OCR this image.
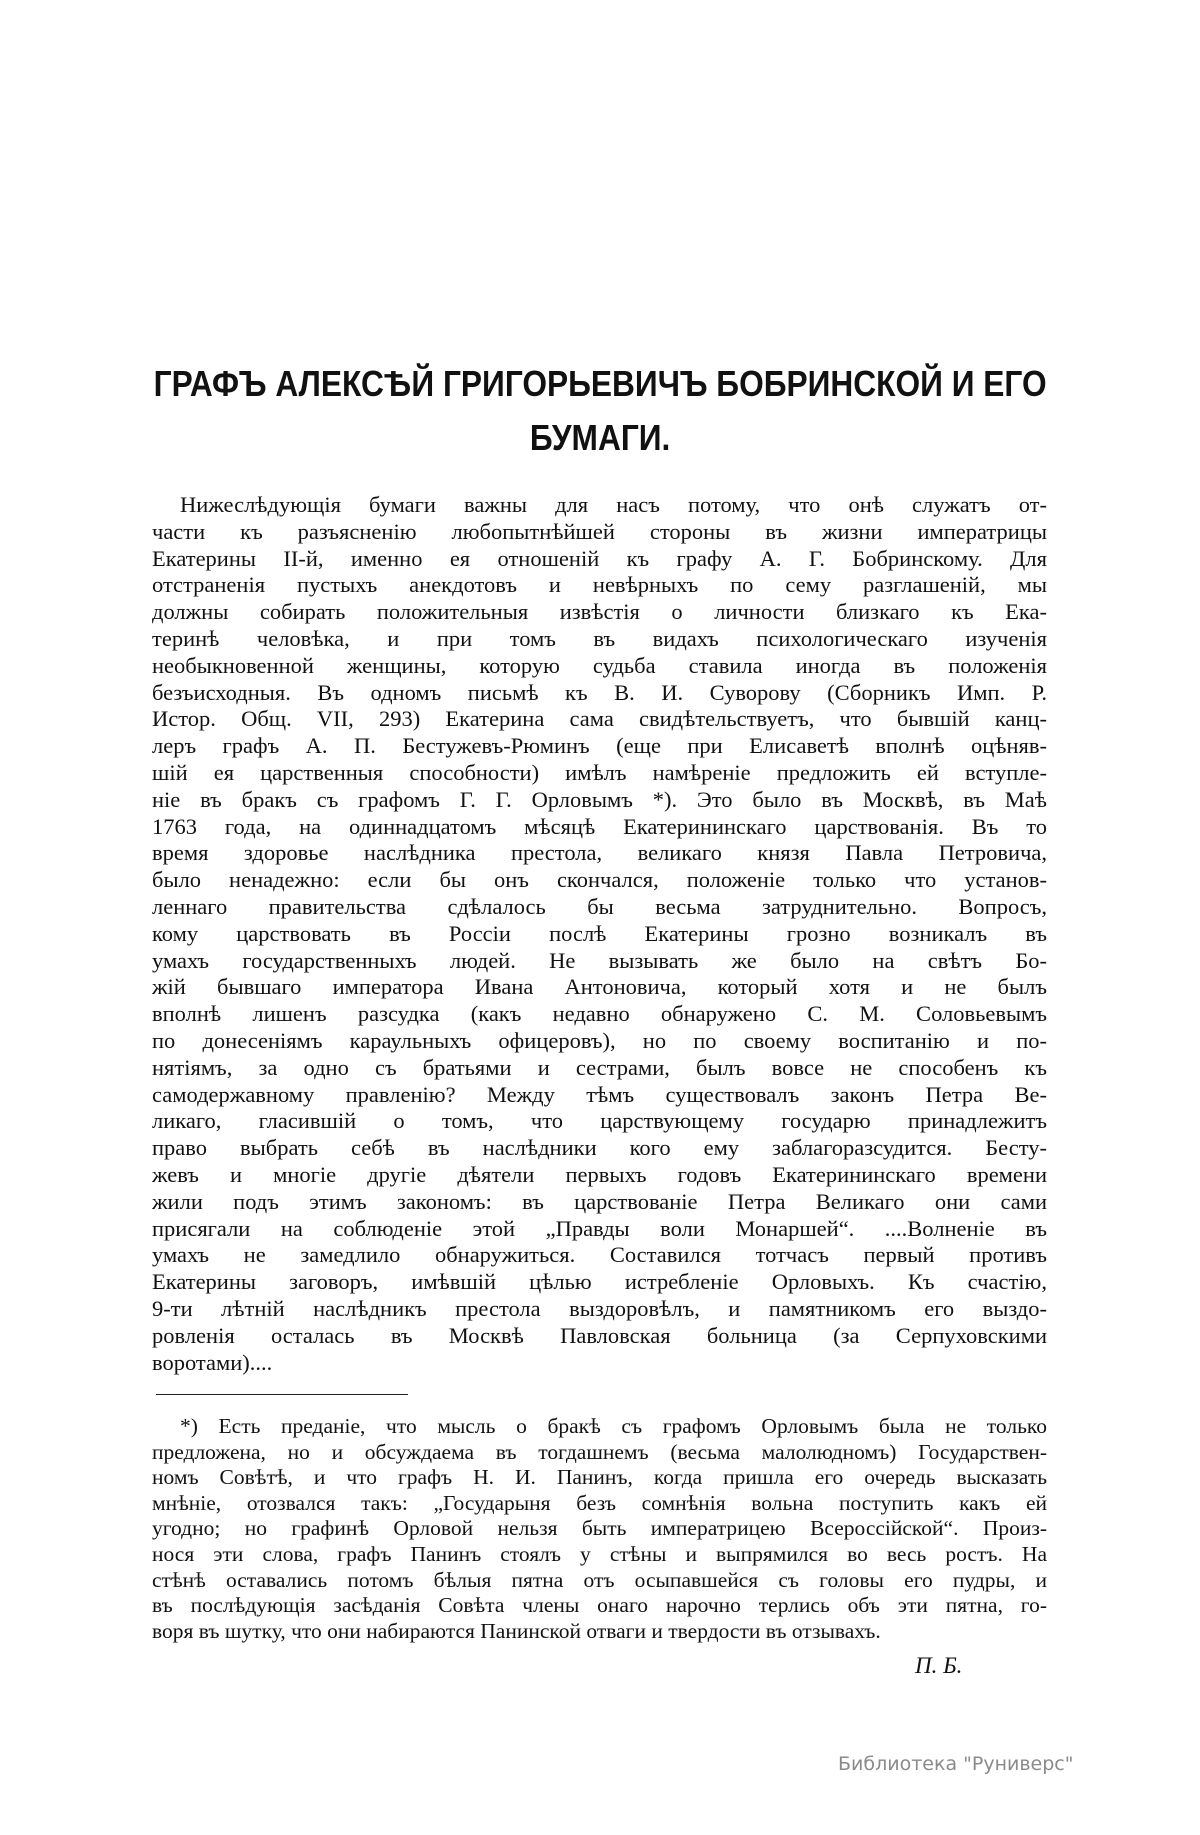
ГРАФЪ АЛЕКСѢЙ ГРИГОРЬЕВИЧЪ БОБРИНСКОЙ И ЕГО
БУМАГИ.
Нижеслѣдующія бумаги важны для насъ потому, что онѣ служатъ от-
части къ разъясненію любопытнѣйшей стороны въ жизни императрицы
Екатерины II-й, именно ея отношеній къ графу А. Г. Бобринскому. Для
отстраненія пустыхъ анекдотовъ и невѣрныхъ по сему разглашеній, мы
должны собирать положительныя извѣстія о личности близкаго къ Ека-
теринѣ человѣка, и при томъ въ видахъ психологическаго изученія
необыкновенной женщины, которую судьба ставила иногда въ положенія
безъисходныя. Въ одномъ письмѣ къ В. И. Суворову (Сборникъ Имп. Р.
Истор. Общ. VII, 293) Екатерина сама свидѣтельствуетъ, что бывшій канц-
леръ графъ А. П. Бестужевъ-Рюминъ (еще при Елисаветѣ вполнѣ оцѣняв-
шій ея царственныя способности) имѣлъ намѣреніе предложить ей вступле-
ніе въ бракъ съ графомъ Г. Г. Орловымъ *). Это было въ Москвѣ, въ Маѣ
1763 года, на одиннадцатомъ мѣсяцѣ Екатерининскаго царствованія. Въ то
время здоровье наслѣдника престола, великаго князя Павла Петровича,
было ненадежно: если бы онъ скончался, положеніе только что установ-
леннаго правительства сдѣлалось бы весьма затруднительно. Вопросъ,
кому царствовать въ Россіи послѣ Екатерины грозно возникалъ въ
умахъ государственныхъ людей. Не вызывать же было на свѣтъ Бо-
жій бывшаго императора Ивана Антоновича, который хотя и не былъ
вполнѣ лишенъ разсудка (какъ недавно обнаружено С. М. Соловьевымъ
по донесеніямъ караульныхъ офицеровъ), но по своему воспитанію и по-
нятіямъ, за одно съ братьями и сестрами, былъ вовсе не способенъ къ
самодержавному правленію? Между тѣмъ существовалъ законъ Петра Ве-
ликаго, гласившій о томъ, что царствующему государю принадлежитъ
право выбрать себѣ въ наслѣдники кого ему заблагоразсудится. Бесту-
жевъ и многіе другіе дѣятели первыхъ годовъ Екатерининскаго времени
жили подъ этимъ закономъ: въ царствованіе Петра Великаго они сами
присягали на соблюденіе этой „Правды воли Монаршей“. ....Волненіе въ
умахъ не замедлило обнаружиться. Составился тотчасъ первый противъ
Екатерины заговоръ, имѣвшій цѣлью истребленіе Орловыхъ. Къ счастію,
9-ти лѣтній наслѣдникъ престола выздоровѣлъ, и памятникомъ его выздо-
ровленія осталась въ Москвѣ Павловская больница (за Серпуховскими
воротами)....
*) Есть преданіе, что мысль о бракѣ съ графомъ Орловымъ была не только
предложена, но и обсуждаема въ тогдашнемъ (весьма малолюдномъ) Государствен-
номъ Совѣтѣ, и что графъ Н. И. Панинъ, когда пришла его очередь высказать
мнѣніе, отозвался такъ: „Государыня безъ сомнѣнія вольна поступить какъ ей
угодно; но графинѣ Орловой нельзя быть императрицею Всероссійской“. Произ-
нося эти слова, графъ Панинъ стоялъ у стѣны и выпрямился во весь ростъ. На
стѣнѣ оставались потомъ бѣлыя пятна отъ осыпавшейся съ головы его пудры, и
въ послѣдующія засѣданія Совѣта члены онаго нарочно терлись объ эти пятна, го-
воря въ шутку, что они набираются Панинской отваги и твердости въ отзывахъ.
П. Б.
Библиотека "Руниверс"
